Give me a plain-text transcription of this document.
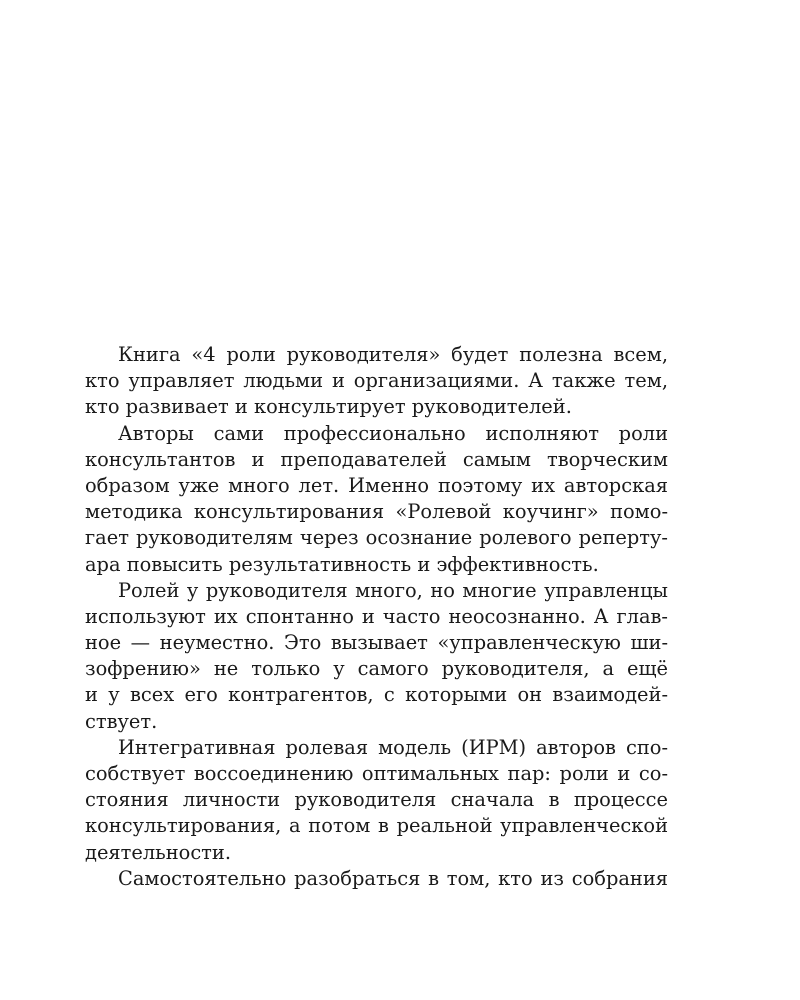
Книга «4 роли руководителя» будет полезна всем,
кто управляет людьми и организациями. А также тем,
кто развивает и консультирует руководителей.
Авторы сами профессионально исполняют роли
консультантов и преподавателей самым творческим
образом уже много лет. Именно поэтому их авторская
методика консультирования «Ролевой коучинг» помо-
гает руководителям через осознание ролевого реперту-
ара повысить результативность и эффективность.
Ролей у руководителя много, но многие управленцы
используют их спонтанно и часто неосознанно. А глав-
ное — неуместно. Это вызывает «управленческую ши-
зофрению» не только у самого руководителя, а ещё
и у всех его контрагентов, с которыми он взаимодей-
ствует.
Интегративная ролевая модель (ИРМ) авторов спо-
собствует воссоединению оптимальных пар: роли и со-
стояния личности руководителя сначала в процессе
консультирования, а потом в реальной управленческой
деятельности.
Самостоятельно разобраться в том, кто из собрания
